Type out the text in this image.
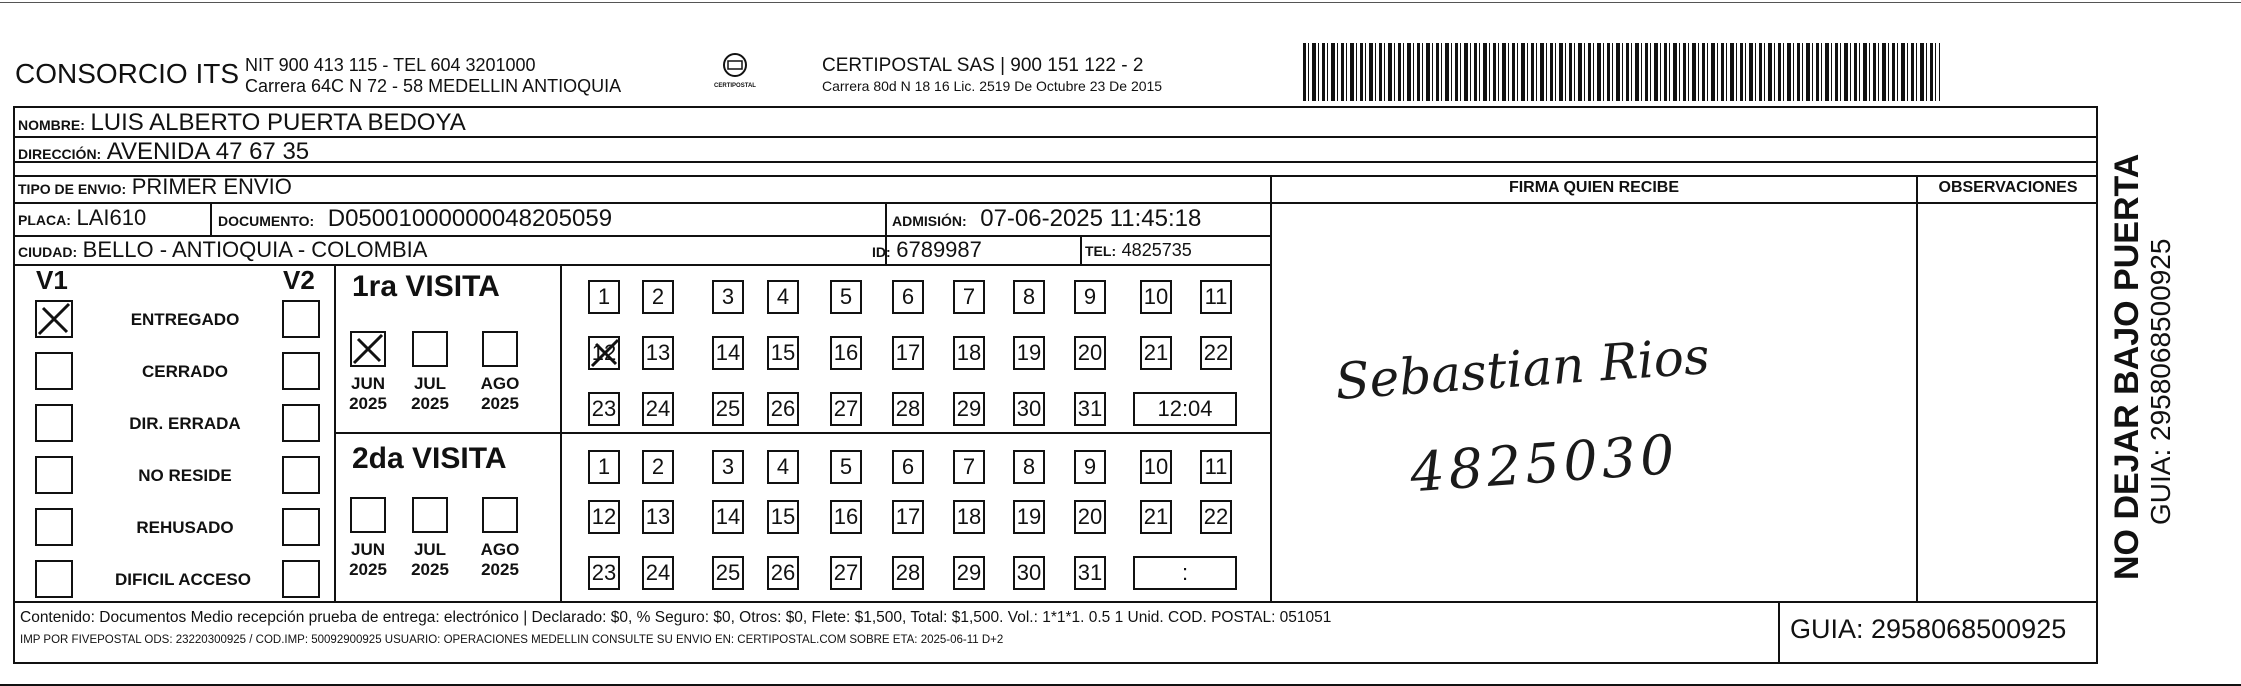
CONSORCIO ITS NIT 900 413 115 - TEL 604 3201000
Carrera 64C N 72 - 58 MEDELLIN ANTIOQUIA	CERTIPOSTAL
CERTIPOSTAL SAS | 900 151 122 - 2
Carrera 80d N 18 16 Lic. 2519 De Octubre 23 De 2015
NOMBRE: LUIS ALBERTO PUERTA BEDOYA
DIRECCIÓN: AVENIDA 47 67 35
TIPO DE ENVIO: PRIMER ENVIO
PLACA: LAI610	DOCUMENTO: D05001000000048205059	ADMISIÓN: 07-06-2025 11:45:18
CIUDAD: BELLO - ANTIOQUIA - COLOMBIA	ID: 6789987	TEL: 4825735
FIRMA QUIEN RECIBE	OBSERVACIONES
V1	V2
ENTREGADO
CERRADO
DIR. ERRADA
NO RESIDE
REHUSADO
DIFICIL ACCESO
1ra VISITA
JUN
2025
JUL
2025
AGO
2025
1	2	3	4	5	6	7	8	9	10 11
12 13 14 15 16 17 18 19 20 21 22
23 24 25 26 27 28 29 30 31	12:04
2da VISITA
JUN
2025
JUL
2025
AGO
2025
1	2	3	4	5	6	7	8	9	10 11
12 13 14 15 16 17 18 19 20 21 22
23 24 25 26 27 28 29 30 31	:
Sebastian Rios
4825030
Contenido: Documentos Medio recepción prueba de entrega: electrónico | Declarado: $0, % Seguro: $0, Otros: $0, Flete: $1,500, Total: $1,500. Vol.: 1*1*1. 0.5 1 Unid. COD. POSTAL: 051051
IMP POR FIVEPOSTAL ODS: 23220300925 / COD.IMP: 50092900925 USUARIO: OPERACIONES MEDELLIN CONSULTE SU ENVIO EN: CERTIPOSTAL.COM SOBRE ETA: 2025-06-11 D+2	GUIA: 2958068500925
NO DEJAR BAJO PUERTA GUIA: 2958068500925
